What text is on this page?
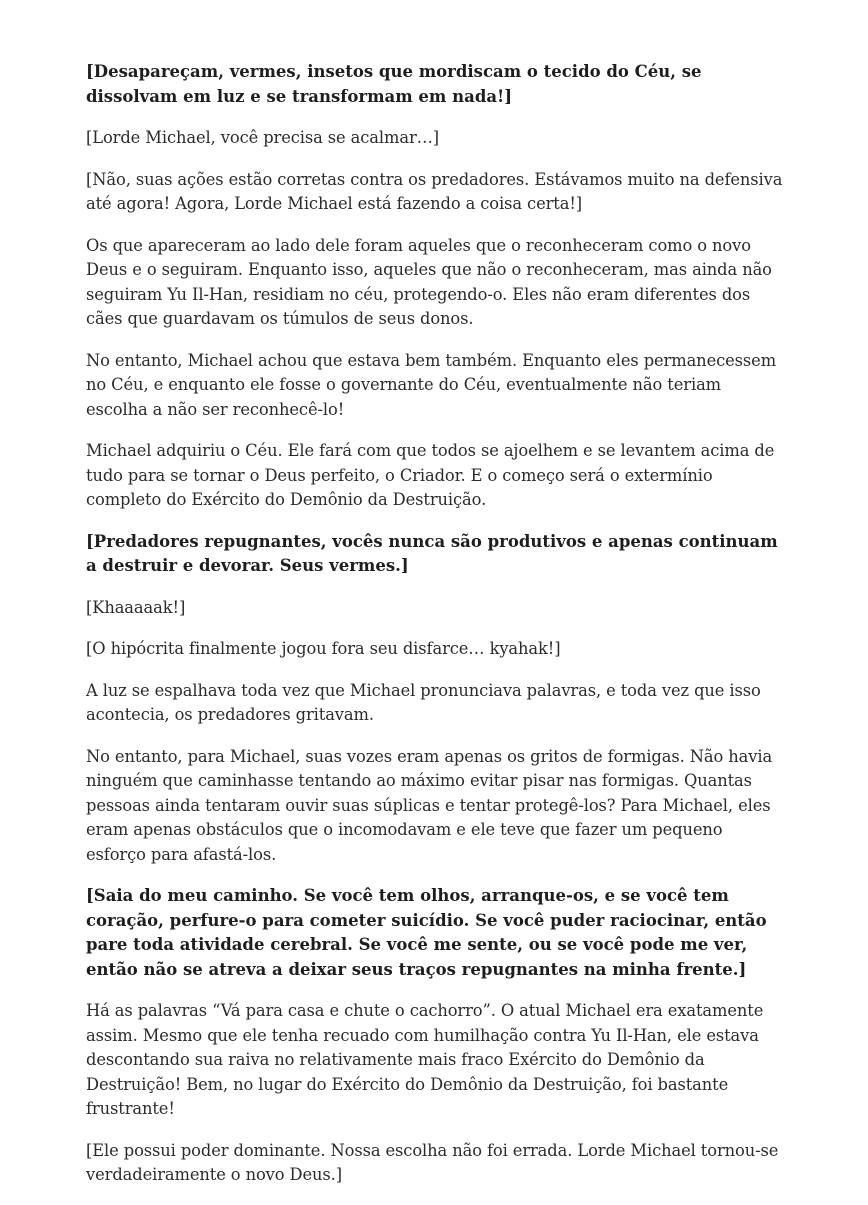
[Desapareçam, vermes, insetos que mordiscam o tecido do Céu, se dissolvam em luz e se transformam em nada!]

[Lorde Michael, você precisa se acalmar…]

[Não, suas ações estão corretas contra os predadores. Estávamos muito na defensiva até agora! Agora, Lorde Michael está fazendo a coisa certa!]

Os que apareceram ao lado dele foram aqueles que o reconheceram como o novo Deus e o seguiram. Enquanto isso, aqueles que não o reconheceram, mas ainda não seguiram Yu Il-Han, residiam no céu, protegendo-o. Eles não eram diferentes dos cães que guardavam os túmulos de seus donos.

No entanto, Michael achou que estava bem também. Enquanto eles permanecessem no Céu, e enquanto ele fosse o governante do Céu, eventualmente não teriam escolha a não ser reconhecê-lo!

Michael adquiriu o Céu. Ele fará com que todos se ajoelhem e se levantem acima de tudo para se tornar o Deus perfeito, o Criador. E o começo será o extermínio completo do Exército do Demônio da Destruição.

[Predadores repugnantes, vocês nunca são produtivos e apenas continuam a destruir e devorar. Seus vermes.]

[Khaaaaak!]

[O hipócrita finalmente jogou fora seu disfarce… kyahak!]

A luz se espalhava toda vez que Michael pronunciava palavras, e toda vez que isso acontecia, os predadores gritavam.

No entanto, para Michael, suas vozes eram apenas os gritos de formigas. Não havia ninguém que caminhasse tentando ao máximo evitar pisar nas formigas. Quantas pessoas ainda tentaram ouvir suas súplicas e tentar protegê-los? Para Michael, eles eram apenas obstáculos que o incomodavam e ele teve que fazer um pequeno esforço para afastá-los.

[Saia do meu caminho. Se você tem olhos, arranque-os, e se você tem coração, perfure-o para cometer suicídio. Se você puder raciocinar, então pare toda atividade cerebral. Se você me sente, ou se você pode me ver, então não se atreva a deixar seus traços repugnantes na minha frente.]

Há as palavras “Vá para casa e chute o cachorro”. O atual Michael era exatamente assim. Mesmo que ele tenha recuado com humilhação contra Yu Il-Han, ele estava descontando sua raiva no relativamente mais fraco Exército do Demônio da Destruição! Bem, no lugar do Exército do Demônio da Destruição, foi bastante frustrante!

[Ele possui poder dominante. Nossa escolha não foi errada. Lorde Michael tornou-se verdadeiramente o novo Deus.]
